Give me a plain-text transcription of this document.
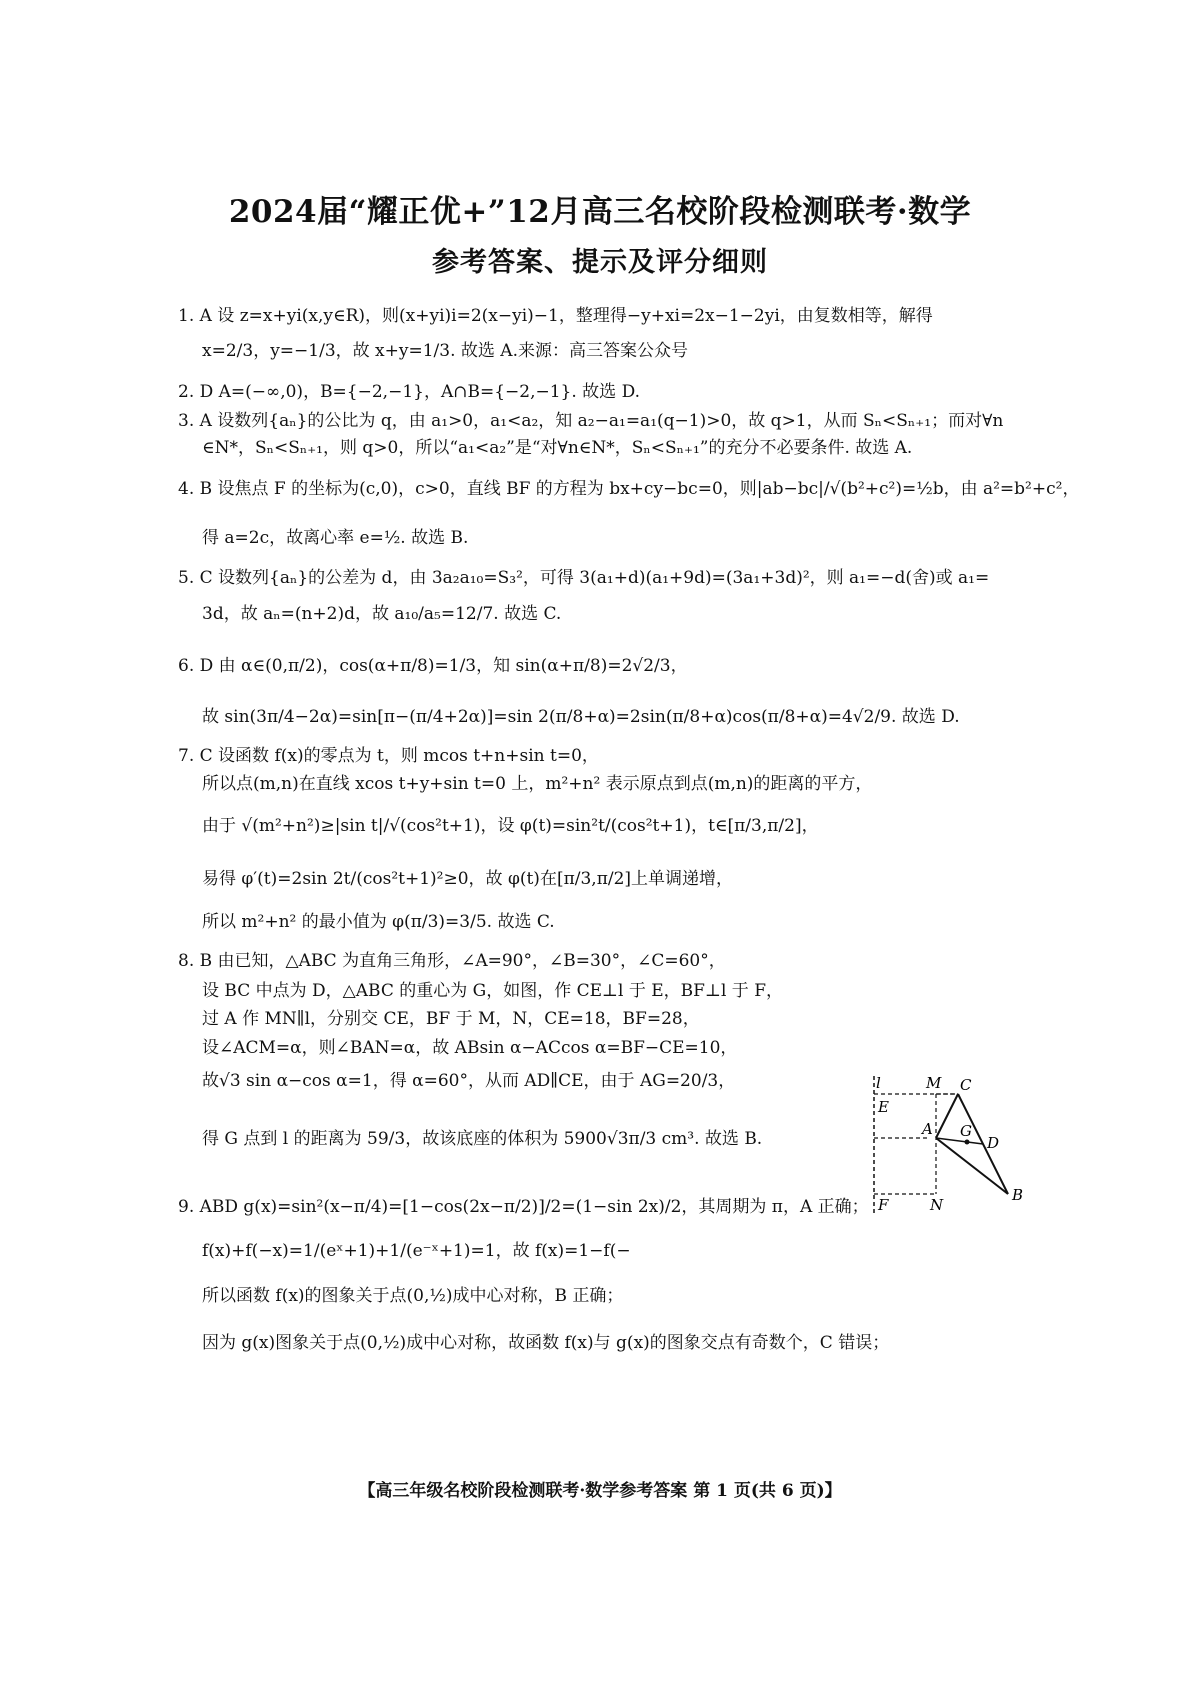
2024届“耀正优+”12月高三名校阶段检测联考·数学
参考答案、提示及评分细则
1. A 设 z=x+yi(x,y∈R)，则(x+yi)i=2(x−yi)−1，整理得−y+xi=2x−1−2yi，由复数相等，解得
x=2/3，y=−1/3，故 x+y=1/3. 故选 A.来源：高三答案公众号
2. D A=(−∞,0)，B={−2,−1}，A∩B={−2,−1}. 故选 D.
3. A 设数列{aₙ}的公比为 q，由 a₁>0，a₁<a₂，知 a₂−a₁=a₁(q−1)>0，故 q>1，从而 Sₙ<Sₙ₊₁；而对∀n
∈N*，Sₙ<Sₙ₊₁，则 q>0，所以“a₁<a₂”是“对∀n∈N*，Sₙ<Sₙ₊₁”的充分不必要条件. 故选 A.
4. B 设焦点 F 的坐标为(c,0)，c>0，直线 BF 的方程为 bx+cy−bc=0，则|ab−bc|/√(b²+c²)=½b，由 a²=b²+c²，
得 a=2c，故离心率 e=½. 故选 B.
5. C 设数列{aₙ}的公差为 d，由 3a₂a₁₀=S₃²，可得 3(a₁+d)(a₁+9d)=(3a₁+3d)²，则 a₁=−d(舍)或 a₁=
3d，故 aₙ=(n+2)d，故 a₁₀/a₅=12/7. 故选 C.
6. D 由 α∈(0,π/2)，cos(α+π/8)=1/3，知 sin(α+π/8)=2√2/3，
故 sin(3π/4−2α)=sin[π−(π/4+2α)]=sin 2(π/8+α)=2sin(π/8+α)cos(π/8+α)=4√2/9. 故选 D.
7. C 设函数 f(x)的零点为 t，则 mcos t+n+sin t=0，
所以点(m,n)在直线 xcos t+y+sin t=0 上，m²+n² 表示原点到点(m,n)的距离的平方，
由于 √(m²+n²)≥|sin t|/√(cos²t+1)，设 φ(t)=sin²t/(cos²t+1)，t∈[π/3,π/2]，
易得 φ′(t)=2sin 2t/(cos²t+1)²≥0，故 φ(t)在[π/3,π/2]上单调递增，
所以 m²+n² 的最小值为 φ(π/3)=3/5. 故选 C.
8. B 由已知，△ABC 为直角三角形，∠A=90°，∠B=30°，∠C=60°，
设 BC 中点为 D，△ABC 的重心为 G，如图，作 CE⊥l 于 E，BF⊥l 于 F，
过 A 作 MN∥l，分别交 CE，BF 于 M，N，CE=18，BF=28，
设∠ACM=α，则∠BAN=α，故 ABsin α−ACcos α=BF−CE=10，
故√3 sin α−cos α=1，得 α=60°，从而 AD∥CE，由于 AG=20/3，
得 G 点到 l 的距离为 59/3，故该底座的体积为 5900√3π/3 cm³. 故选 B.
9. ABD g(x)=sin²(x−π/4)=[1−cos(2x−π/2)]/2=(1−sin 2x)/2，其周期为 π，A 正确；
f(x)+f(−x)=1/(eˣ+1)+1/(e⁻ˣ+1)=1，故 f(x)=1−f(−
所以函数 f(x)的图象关于点(0,½)成中心对称，B 正确；
因为 g(x)图象关于点(0,½)成中心对称，故函数 f(x)与 g(x)的图象交点有奇数个，C 错误；
l	M C
E
A G
D
F	N
B
【高三年级名校阶段检测联考·数学参考答案 第 1 页(共 6 页)】
